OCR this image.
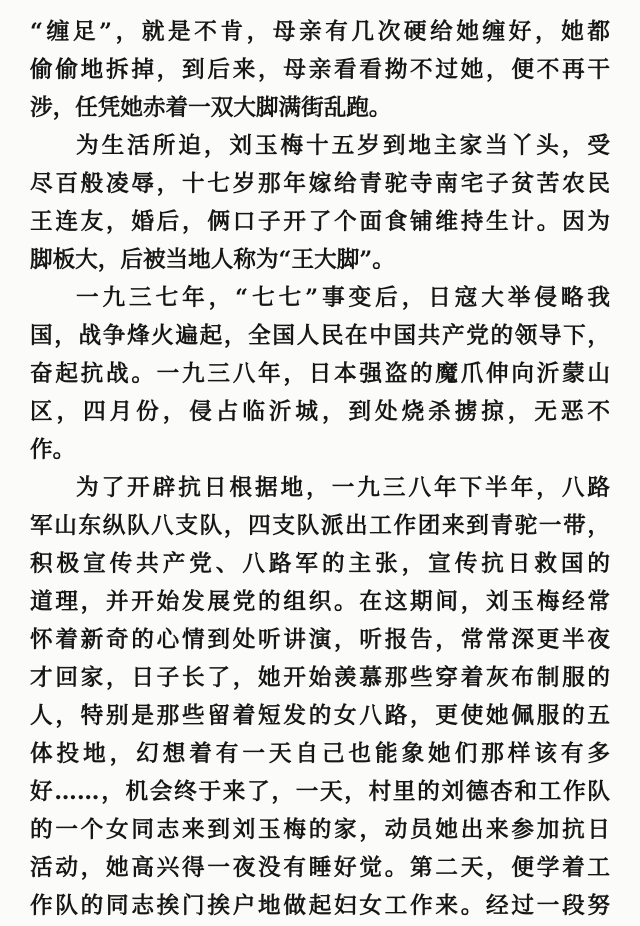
“缠足”，就是不肯，母亲有几次硬给她缠好，她都
偷偷地拆掉，到后来，母亲看看拗不过她，便不再干
涉，任凭她赤着一双大脚满街乱跑。
为生活所迫，刘玉梅十五岁到地主家当丫头，受
尽百般凌辱，十七岁那年嫁给青驼寺南宅子贫苦农民
王连友，婚后，俩口子开了个面食铺维持生计。因为
脚板大，后被当地人称为“王大脚”。
一九三七年，“七七”事变后，日寇大举侵略我
国，战争烽火遍起，全国人民在中国共产党的领导下，
奋起抗战。一九三八年，日本强盗的魔爪伸向沂蒙山
区，四月份，侵占临沂城，到处烧杀掳掠，无恶不
作。
为了开辟抗日根据地，一九三八年下半年，八路
军山东纵队八支队，四支队派出工作团来到青驼一带，
积极宣传共产党、八路军的主张，宣传抗日救国的
道理，并开始发展党的组织。在这期间，刘玉梅经常
怀着新奇的心情到处听讲演，听报告，常常深更半夜
才回家，日子长了，她开始羡慕那些穿着灰布制服的
人，特别是那些留着短发的女八路，更使她佩服的五
体投地，幻想着有一天自己也能象她们那样该有多
好……，机会终于来了，一天，村里的刘德杏和工作队
的一个女同志来到刘玉梅的家，动员她出来参加抗日
活动，她高兴得一夜没有睡好觉。第二天，便学着工
作队的同志挨门挨户地做起妇女工作来。经过一段努
